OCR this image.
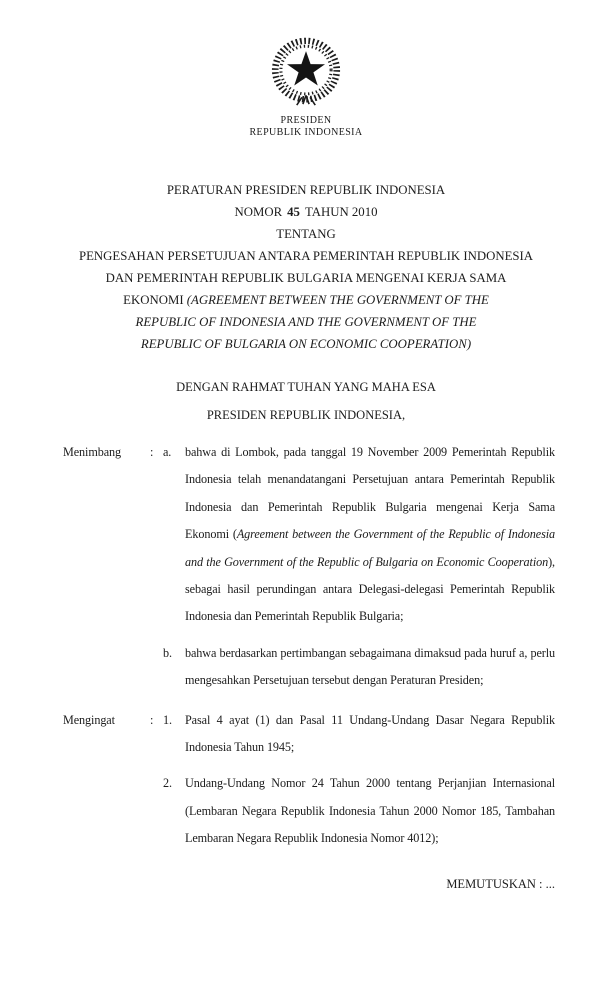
PRESIDEN
REPUBLIK INDONESIA
PERATURAN PRESIDEN REPUBLIK INDONESIA
NOMOR 45 TAHUN 2010
TENTANG
PENGESAHAN PERSETUJUAN ANTARA PEMERINTAH REPUBLIK INDONESIA
DAN PEMERINTAH REPUBLIK BULGARIA MENGENAI KERJA SAMA
EKONOMI (AGREEMENT BETWEEN THE GOVERNMENT OF THE
REPUBLIC OF INDONESIA AND THE GOVERNMENT OF THE
REPUBLIC OF BULGARIA ON ECONOMIC COOPERATION)
DENGAN RAHMAT TUHAN YANG MAHA ESA
PRESIDEN REPUBLIK INDONESIA,
Menimbang	: a.	bahwa di Lombok, pada tanggal 19 November 2009 Pemerintah Republik Indonesia telah menandatangani Persetujuan antara Pemerintah Republik Indonesia dan Pemerintah Republik Bulgaria mengenai Kerja Sama Ekonomi (Agreement between the Government of the Republic of Indonesia and the Government of the Republic of Bulgaria on Economic Cooperation), sebagai hasil perundingan antara Delegasi-delegasi Pemerintah Republik Indonesia dan Pemerintah Republik Bulgaria;
b.	bahwa berdasarkan pertimbangan sebagaimana dimaksud pada huruf a, perlu mengesahkan Persetujuan tersebut dengan Peraturan Presiden;
Mengingat	: 1.	Pasal 4 ayat (1) dan Pasal 11 Undang-Undang Dasar Negara Republik Indonesia Tahun 1945;
2.	Undang-Undang Nomor 24 Tahun 2000 tentang Perjanjian Internasional (Lembaran Negara Republik Indonesia Tahun 2000 Nomor 185, Tambahan Lembaran Negara Republik Indonesia Nomor 4012);
MEMUTUSKAN : ...
